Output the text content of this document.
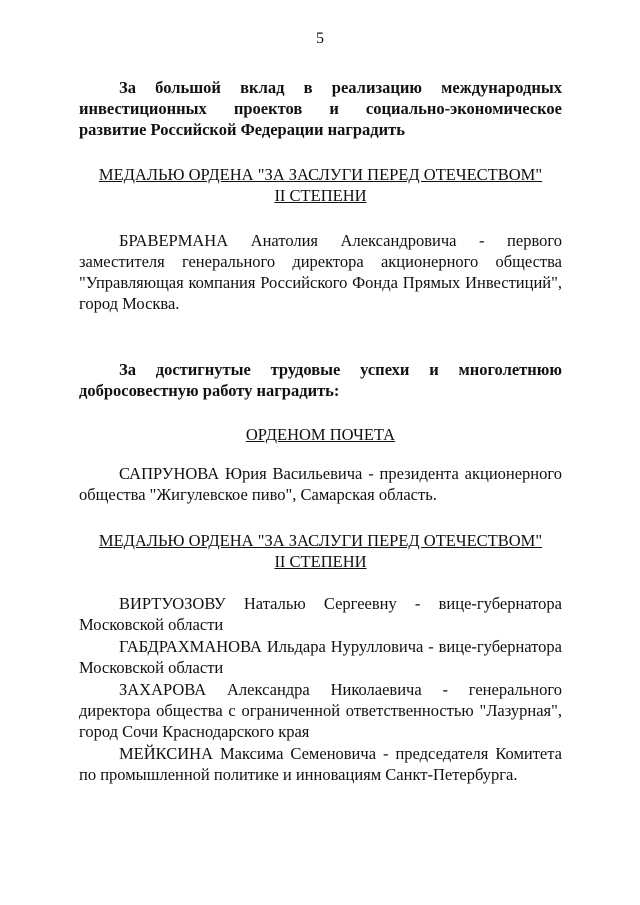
5

За большой вклад в реализацию международных инвестиционных проектов и социально-экономическое развитие Российской Федерации наградить

МЕДАЛЬЮ ОРДЕНА "ЗА ЗАСЛУГИ ПЕРЕД ОТЕЧЕСТВОМ"
II СТЕПЕНИ

БРАВЕРМАНА Анатолия Александровича - первого заместителя генерального директора акционерного общества "Управляющая компания Российского Фонда Прямых Инвестиций", город Москва.

За достигнутые трудовые успехи и многолетнюю добросовестную работу наградить:

ОРДЕНОМ ПОЧЕТА

САПРУНОВА Юрия Васильевича - президента акционерного общества "Жигулевское пиво", Самарская область.

МЕДАЛЬЮ ОРДЕНА "ЗА ЗАСЛУГИ ПЕРЕД ОТЕЧЕСТВОМ"
II СТЕПЕНИ

ВИРТУОЗОВУ Наталью Сергеевну - вице-губернатора Московской области

ГАБДРАХМАНОВА Ильдара Нурулловича - вице-губернатора Московской области

ЗАХАРОВА Александра Николаевича - генерального директора общества с ограниченной ответственностью "Лазурная", город Сочи Краснодарского края

МЕЙКСИНА Максима Семеновича - председателя Комитета по промышленной политике и инновациям Санкт-Петербурга.
